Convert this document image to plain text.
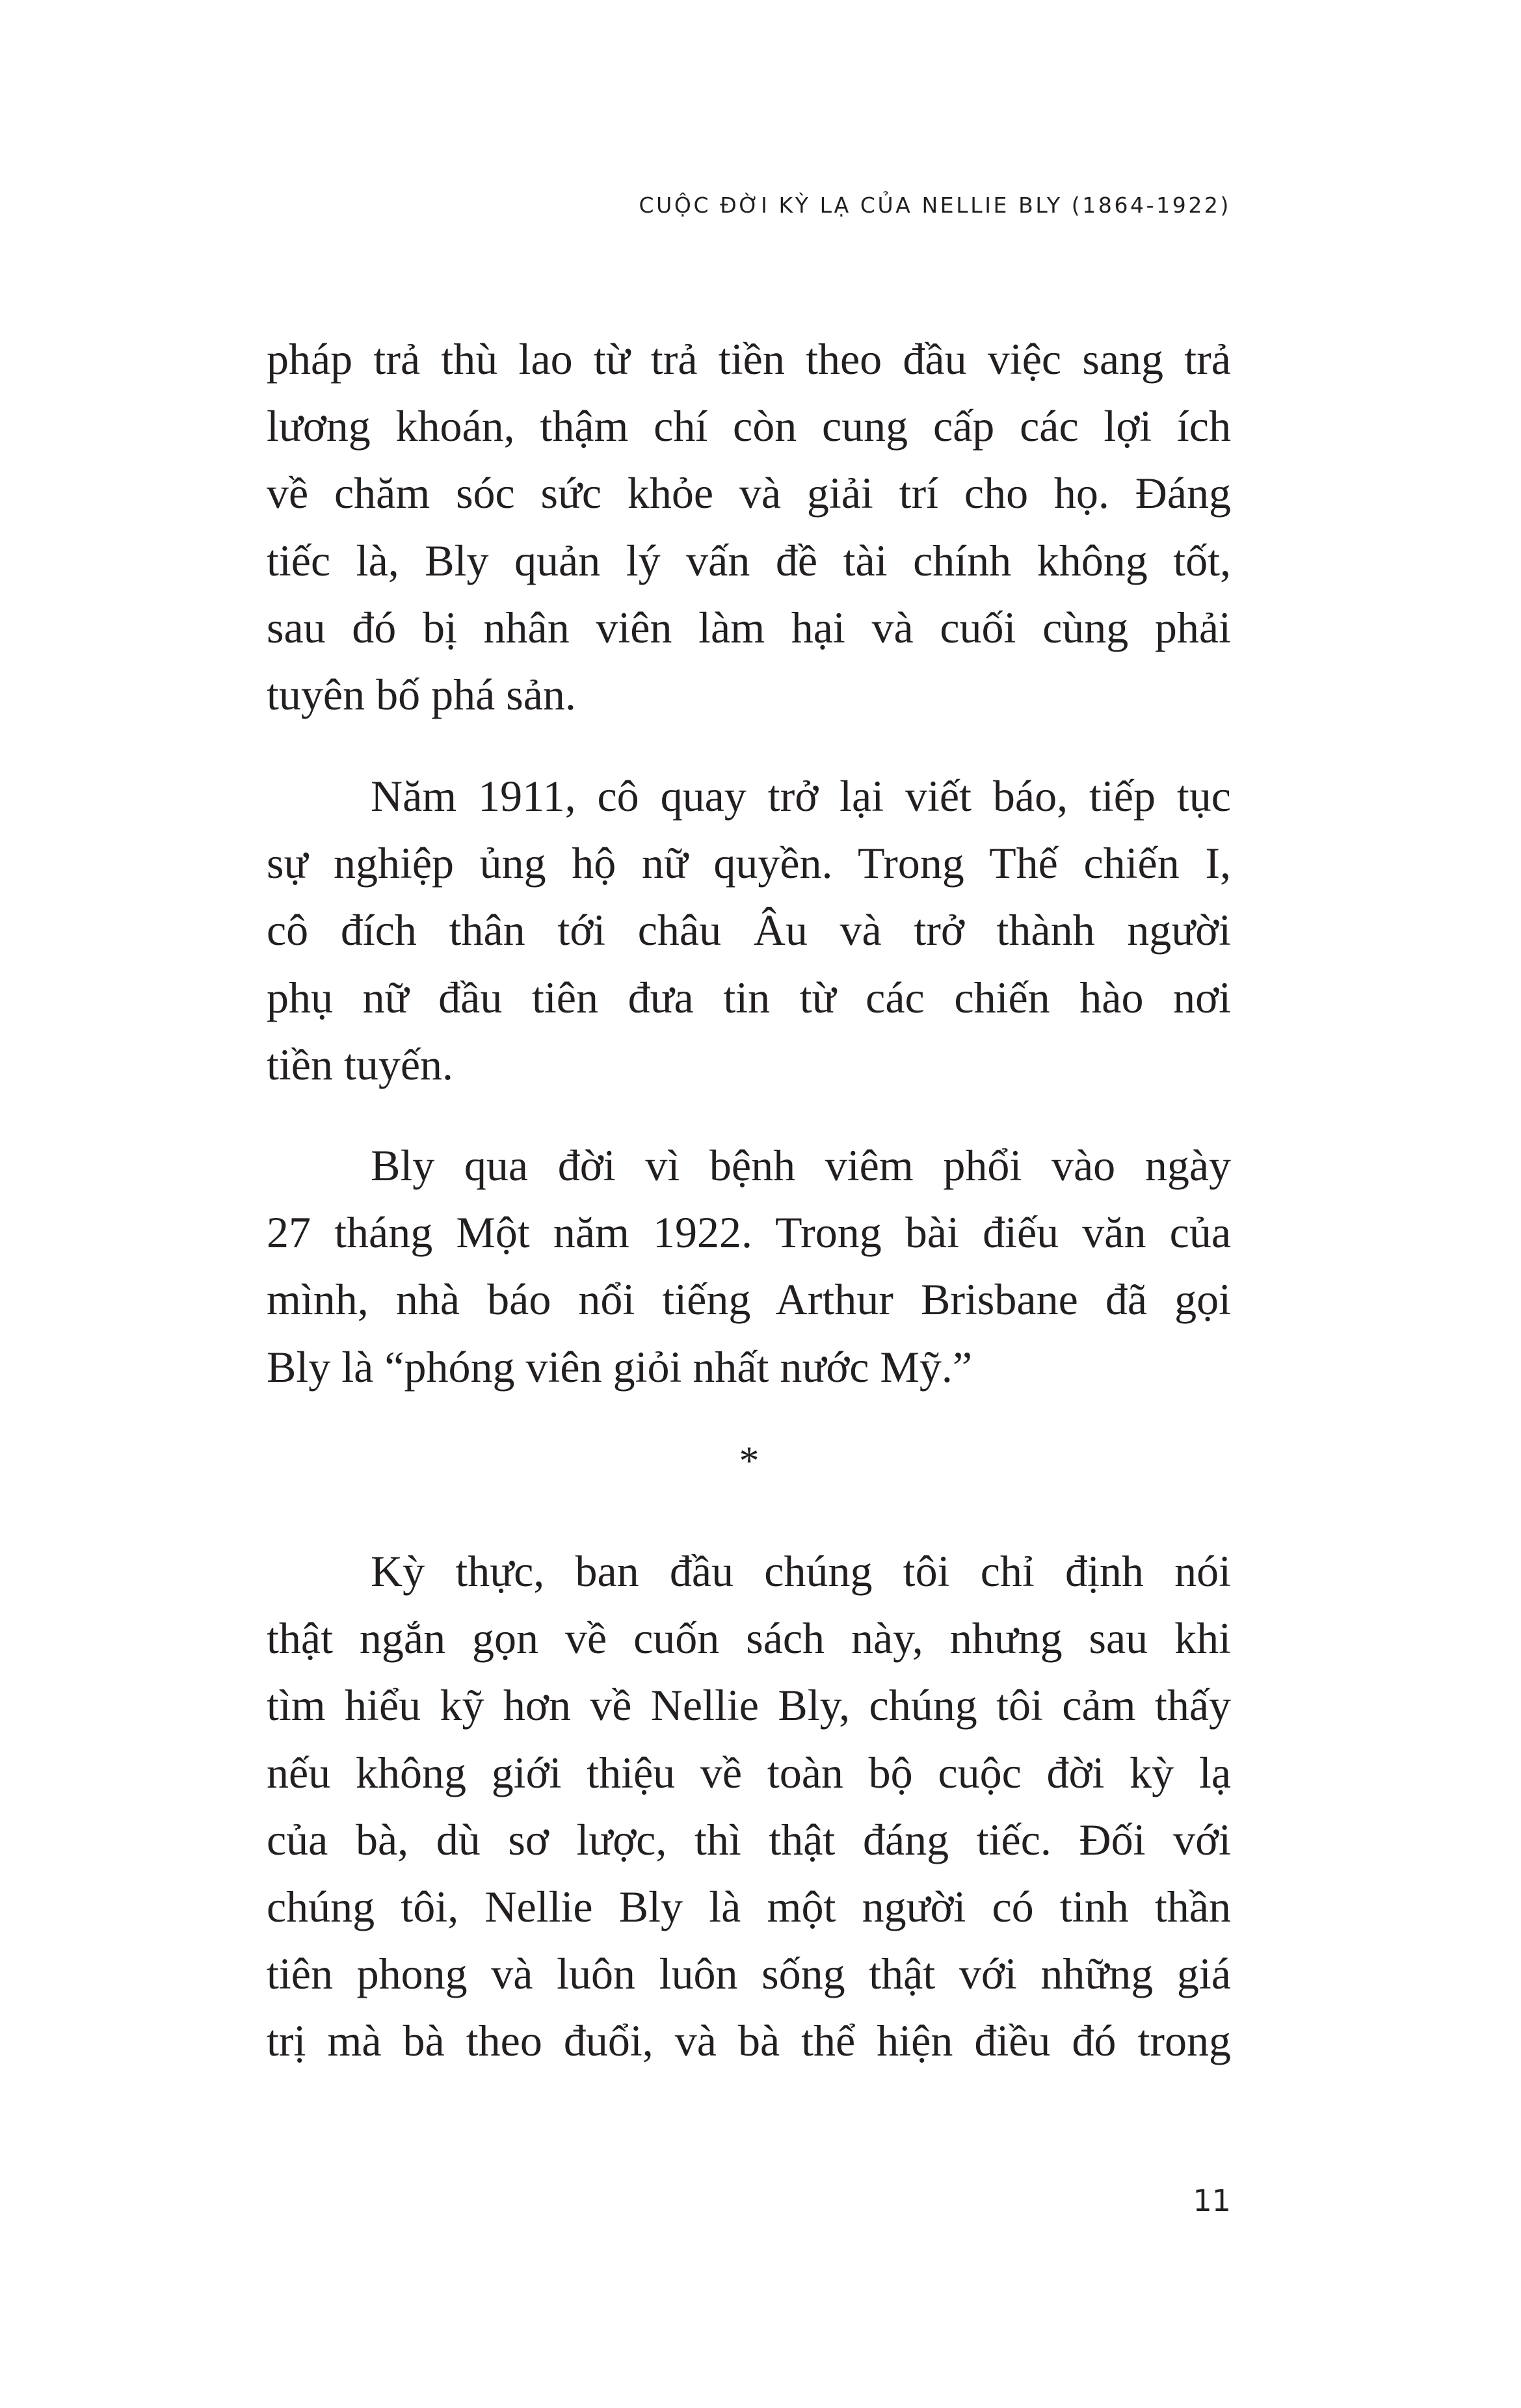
CUỘC ĐỜI KỲ LẠ CỦA NELLIE BLY (1864-1922)
pháp trả thù lao từ trả tiền theo đầu việc sang trả
lương khoán, thậm chí còn cung cấp các lợi ích
về chăm sóc sức khỏe và giải trí cho họ. Đáng
tiếc là, Bly quản lý vấn đề tài chính không tốt,
sau đó bị nhân viên làm hại và cuối cùng phải
tuyên bố phá sản.
Năm 1911, cô quay trở lại viết báo, tiếp tục
sự nghiệp ủng hộ nữ quyền. Trong Thế chiến I,
cô đích thân tới châu Âu và trở thành người
phụ nữ đầu tiên đưa tin từ các chiến hào nơi
tiền tuyến.
Bly qua đời vì bệnh viêm phổi vào ngày
27 tháng Một năm 1922. Trong bài điếu văn của
mình, nhà báo nổi tiếng Arthur Brisbane đã gọi
Bly là “phóng viên giỏi nhất nước Mỹ.”
*
Kỳ thực, ban đầu chúng tôi chỉ định nói
thật ngắn gọn về cuốn sách này, nhưng sau khi
tìm hiểu kỹ hơn về Nellie Bly, chúng tôi cảm thấy
nếu không giới thiệu về toàn bộ cuộc đời kỳ lạ
của bà, dù sơ lược, thì thật đáng tiếc. Đối với
chúng tôi, Nellie Bly là một người có tinh thần
tiên phong và luôn luôn sống thật với những giá
trị mà bà theo đuổi, và bà thể hiện điều đó trong
11
